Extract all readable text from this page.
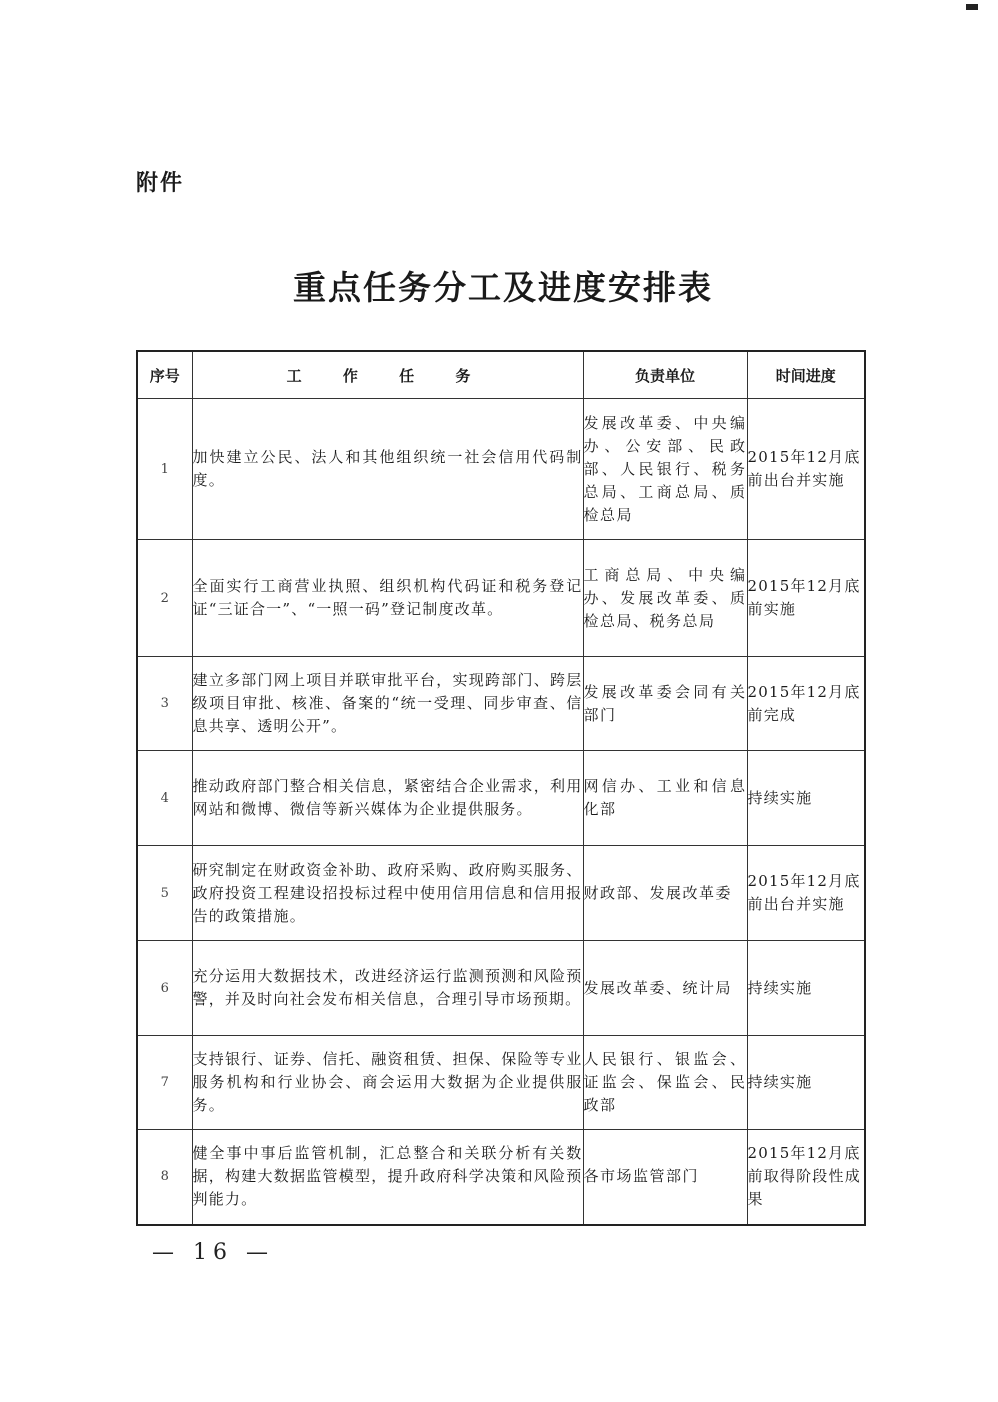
附件
重点任务分工及进度安排表
序号	工 作 任 务	负责单位	时间进度
1	加快建立公民、法人和其他组织统一社会信用代码制度。	发展改革委、中央编办、公安部、民政部、人民银行、税务总局、工商总局、质检总局	2015年12月底前出台并实施
2	全面实行工商营业执照、组织机构代码证和税务登记证“三证合一”、“一照一码”登记制度改革。	工商总局、中央编办、发展改革委、质检总局、税务总局	2015年12月底前实施
3	建立多部门网上项目并联审批平台，实现跨部门、跨层级项目审批、核准、备案的“统一受理、同步审查、信息共享、透明公开”。	发展改革委会同有关部门	2015年12月底前完成
4	推动政府部门整合相关信息，紧密结合企业需求，利用网站和微博、微信等新兴媒体为企业提供服务。	网信办、工业和信息化部	持续实施
5	研究制定在财政资金补助、政府采购、政府购买服务、政府投资工程建设招投标过程中使用信用信息和信用报告的政策措施。	财政部、发展改革委	2015年12月底前出台并实施
6	充分运用大数据技术，改进经济运行监测预测和风险预警，并及时向社会发布相关信息，合理引导市场预期。	发展改革委、统计局	持续实施
7	支持银行、证券、信托、融资租赁、担保、保险等专业服务机构和行业协会、商会运用大数据为企业提供服务。	人民银行、银监会、证监会、保监会、民政部	持续实施
8	健全事中事后监管机制，汇总整合和关联分析有关数据，构建大数据监管模型，提升政府科学决策和风险预判能力。	各市场监管部门	2015年12月底前取得阶段性成果
— 16 —
